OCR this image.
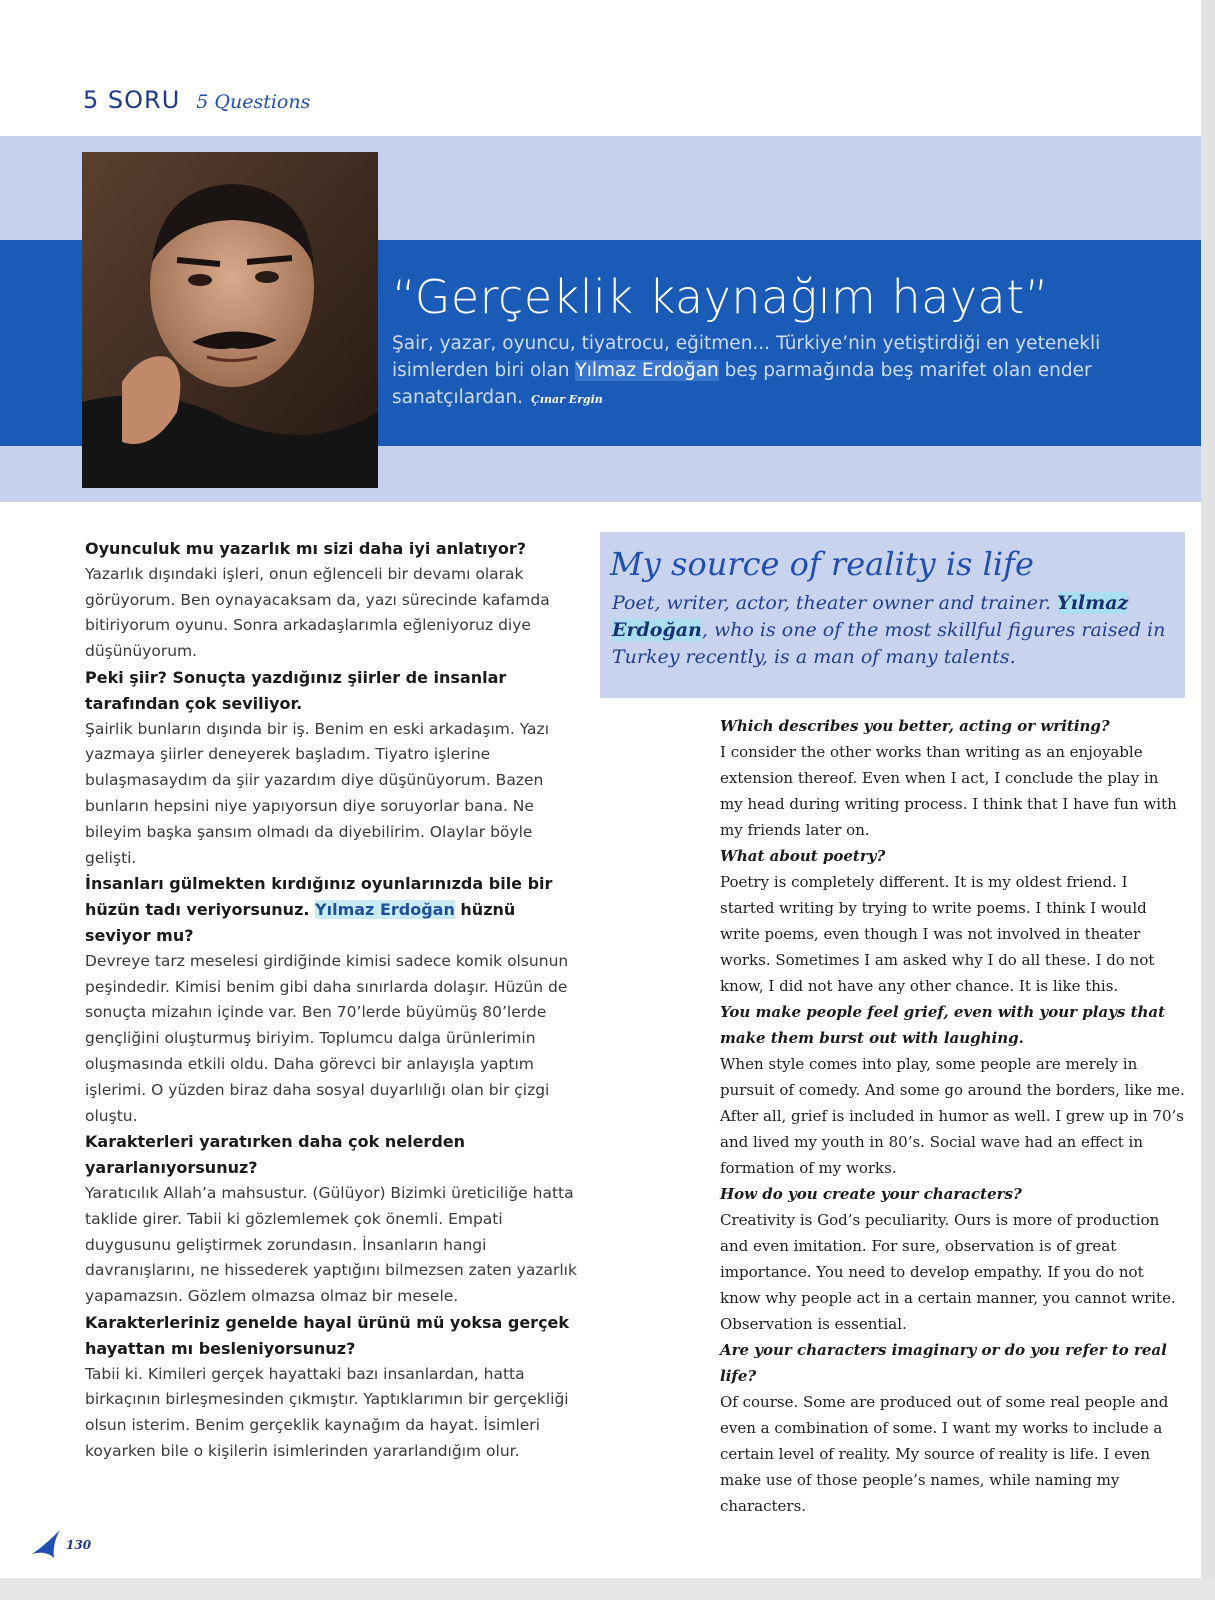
5 SORU 5 Questions
“Gerçeklik kaynağım hayat”
Şair, yazar, oyuncu, tiyatrocu, eğitmen... Türkiye’nin yetiştirdiği en yetenekli isimlerden biri olan Yılmaz Erdoğan beş parmağında beş marifet olan ender sanatçılardan. Çınar Ergin

Oyunculuk mu yazarlık mı sizi daha iyi anlatıyor?

Yazarlık dışındaki işleri, onun eğlenceli bir devamı olarak görüyorum. Ben oynayacaksam da, yazı sürecinde kafamda bitiriyorum oyunu. Sonra arkadaşlarımla eğleniyoruz diye düşünüyorum.

Peki şiir? Sonuçta yazdığınız şiirler de insanlar tarafından çok seviliyor.

Şairlik bunların dışında bir iş. Benim en eski arkadaşım. Yazı yazmaya şiirler deneyerek başladım. Tiyatro işlerine bulaşmasaydım da şiir yazardım diye düşünüyorum. Bazen bunların hepsini niye yapıyorsun diye soruyorlar bana. Ne bileyim başka şansım olmadı da diyebilirim. Olaylar böyle gelişti.

İnsanları gülmekten kırdığınız oyunlarınızda bile bir hüzün tadı veriyorsunuz. Yılmaz Erdoğan hüznü seviyor mu?

Devreye tarz meselesi girdiğinde kimisi sadece komik olsunun peşindedir. Kimisi benim gibi daha sınırlarda dolaşır. Hüzün de sonuçta mizahın içinde var. Ben 70’lerde büyümüş 80’lerde gençliğini oluşturmuş biriyim. Toplumcu dalga ürünlerimin oluşmasında etkili oldu. Daha görevci bir anlayışla yaptım işlerimi. O yüzden biraz daha sosyal duyarlılığı olan bir çizgi oluştu.

Karakterleri yaratırken daha çok nelerden yararlanıyorsunuz?

Yaratıcılık Allah’a mahsustur. (Gülüyor) Bizimki üreticiliğe hatta taklide girer. Tabii ki gözlemlemek çok önemli. Empati duygusunu geliştirmek zorundasın. İnsanların hangi davranışlarını, ne hissederek yaptığını bilmezsen zaten yazarlık yapamazsın. Gözlem olmazsa olmaz bir mesele.

Karakterleriniz genelde hayal ürünü mü yoksa gerçek hayattan mı besleniyorsunuz?

Tabii ki. Kimileri gerçek hayattaki bazı insanlardan, hatta birkaçının birleşmesinden çıkmıştır. Yaptıklarımın bir gerçekliği olsun isterim. Benim gerçeklik kaynağım da hayat. İsimleri koyarken bile o kişilerin isimlerinden yararlandığım olur.

My source of reality is life
Poet, writer, actor, theater owner and trainer. Yılmaz Erdoğan, who is one of the most skillful figures raised in Turkey recently, is a man of many talents.

Which describes you better, acting or writing?

I consider the other works than writing as an enjoyable extension thereof. Even when I act, I conclude the play in my head during writing process. I think that I have fun with my friends later on.

What about poetry?

Poetry is completely different. It is my oldest friend. I started writing by trying to write poems. I think I would write poems, even though I was not involved in theater works. Sometimes I am asked why I do all these. I do not know, I did not have any other chance. It is like this.

You make people feel grief, even with your plays that make them burst out with laughing.

When style comes into play, some people are merely in pursuit of comedy. And some go around the borders, like me. After all, grief is included in humor as well. I grew up in 70’s and lived my youth in 80’s. Social wave had an effect in formation of my works.

How do you create your characters?

Creativity is God’s peculiarity. Ours is more of production and even imitation. For sure, observation is of great importance. You need to develop empathy. If you do not know why people act in a certain manner, you cannot write. Observation is essential.

Are your characters imaginary or do you refer to real life?

Of course. Some are produced out of some real people and even a combination of some. I want my works to include a certain level of reality. My source of reality is life. I even make use of those people’s names, while naming my characters.

130
